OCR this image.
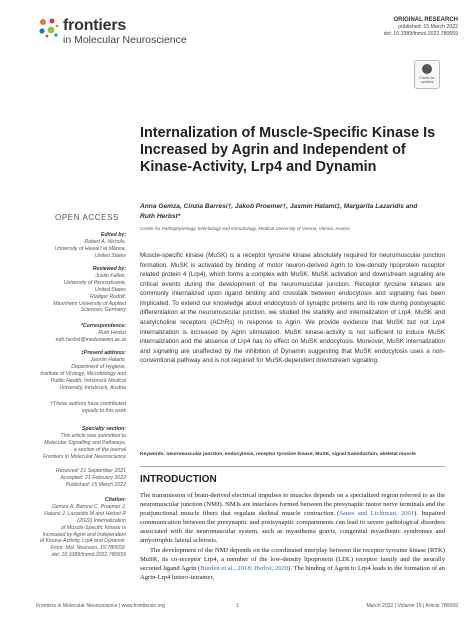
frontiers
in Molecular Neuroscience
ORIGINAL RESEARCH
published: 15 March 2022
doi: 10.3389/fnmol.2022.780659
Check for updates
Internalization of Muscle-Specific Kinase Is Increased by Agrin and Independent of Kinase-Activity, Lrp4 and Dynamin
Anna Gemza, Cinzia Barresi†, Jakob Proemer†, Jasmin Hatami‡, Margarita Lazaridis and
Ruth Herbst*
Center for Pathophysiology, Infectiology and Immunology, Medical University of Vienna, Vienna, Austria
Muscle-specific kinase (MuSK) is a receptor tyrosine kinase absolutely required for neuromuscular junction formation. MuSK is activated by binding of motor neuron-derived Agrin to low-density lipoprotein receptor related protein 4 (Lrp4), which forms a complex with MuSK. MuSK activation and downstream signaling are critical events during the development of the neuromuscular junction. Receptor tyrosine kinases are commonly internalized upon ligand binding and crosstalk between endocytosis and signaling has been implicated. To extend our knowledge about endocytosis of synaptic proteins and its role during postsynaptic differentiation at the neuromuscular junction, we studied the stability and internalization of Lrp4, MuSK and acetylcholine receptors (AChRs) in response to Agrin. We provide evidence that MuSK but not Lrp4 internalization is increased by Agrin stimulation. MuSK kinase-activity is not sufficient to induce MuSK internalization and the absence of Lrp4 has no effect on MuSK endocytosis. Moreover, MuSK internalization and signaling are unaffected by the inhibition of Dynamin suggesting that MuSK endocytosis uses a non-conventional pathway and is not required for MuSK-dependent downstream signaling.
Keywords: neuromuscular junction, endocytosis, receptor tyrosine kinase, MuSK, signal transduction, skeletal muscle
INTRODUCTION

The transmission of brain-derived electrical impulses to muscles depends on a specialized region referred to as the neuromuscular junction (NMJ). NMJs are interfaces formed between the presynaptic motor nerve terminals and the postjunctional muscle fibers that regulate skeletal muscle contraction (Sanes and Lichtman, 2001). Impaired communication between the presynaptic and postsynaptic compartments can lead to severe pathological disorders associated with the neuromuscular system, such as myasthenia gravis, congenital myasthenic syndromes and amyotrophic lateral sclerosis.

The development of the NMJ depends on the coordinated interplay between the receptor tyrosine kinase (RTK) MuSK, its co-receptor Lrp4, a member of the low-density lipoprotein (LDL) receptor family and the neurally secreted ligand Agrin (Burden et al., 2018; Herbst, 2020). The binding of Agrin to Lrp4 leads to the formation of an Agrin-Lrp4 hetero-tetramer,

OPEN ACCESS

Edited by:

Robert A. Nichols,

University of Hawai’i at Mānoa,

United States

Reviewed by:

Justin Fallon,

University of Pennsylvania,

United States

Rüdiger Rudolf,

Mannheim University of Applied

Sciences, Germany

*Correspondence:

Ruth Herbst

ruth.herbst@meduniwien.ac.at

‡Present address:

Jasmin Hatami,

Department of Hygiene,

Institute of Virology, Microbiology and

Public Health, Innsbruck Medical

University, Innsbruck, Austria

†These authors have contributed

equally to this work

Specialty section:

This article was submitted to

Molecular Signalling and Pathways,

a section of the journal

Frontiers in Molecular Neuroscience

Received: 21 September 2021

Accepted: 21 February 2022

Published: 15 March 2022

Citation:

Gemza A, Barresi C, Proemer J,

Hatami J, Lazaridis M and Herbst R

(2022) Internalization

of Muscle-Specific Kinase Is

Increased by Agrin and Independent

of Kinase-Activity, Lrp4 and Dynamin.

Front. Mol. Neurosci. 15:780659.

doi: 10.3389/fnmol.2022.780659

Frontiers in Molecular Neuroscience | www.frontiersin.org	1	March 2022 | Volume 15 | Article 780659
